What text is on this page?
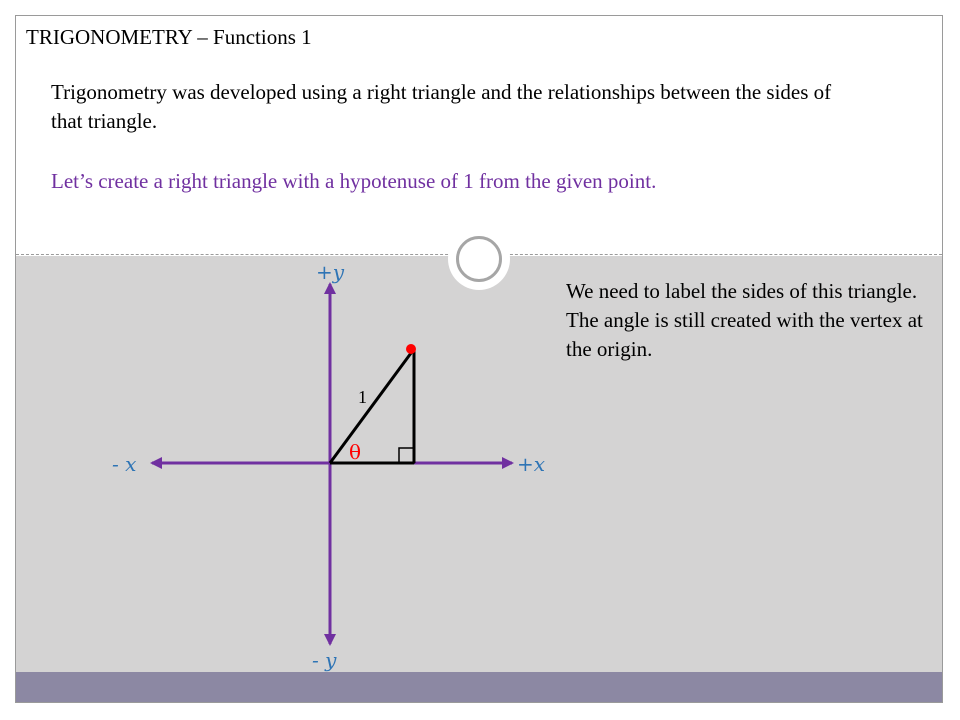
TRIGONOMETRY – Functions 1
Trigonometry was developed using a right triangle and the relationships between the sides of that triangle.
Let’s create a right triangle with a hypotenuse of 1 from the given point.
We need to label the sides of this triangle. The angle is still created with the vertex at the origin.
+y
- y
+x
- x
1
θ
